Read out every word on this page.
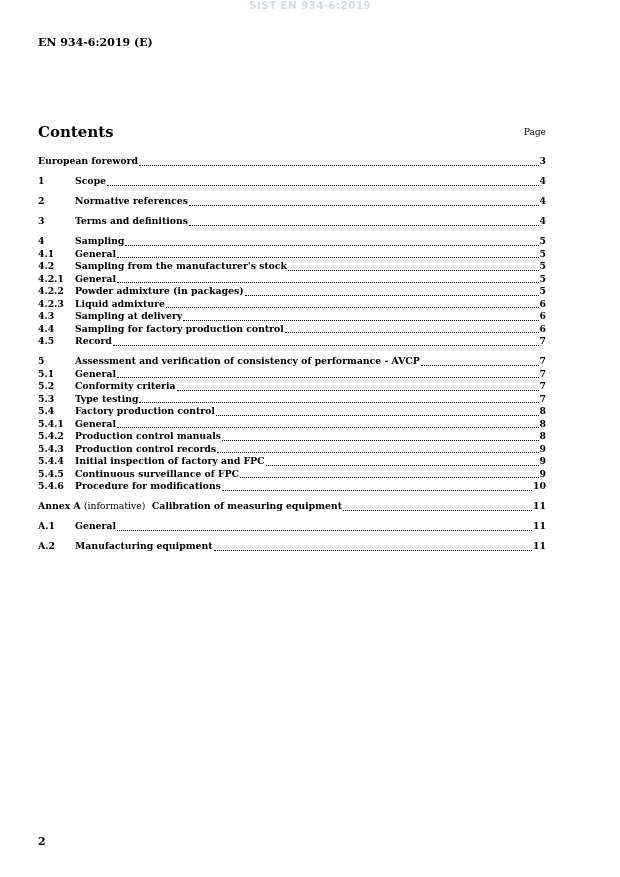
SIST EN 934-6:2019
EN 934-6:2019 (E)
Contents	Page
European foreword	3
1	Scope	4
2	Normative references	4
3	Terms and definitions	4
4	Sampling	5
4.1	General	5
4.2	Sampling from the manufacturer's stock	5
4.2.1	General	5
4.2.2	Powder admixture (in packages)	5
4.2.3	Liquid admixture	6
4.3	Sampling at delivery	6
4.4	Sampling for factory production control	6
4.5	Record	7
5	Assessment and verification of consistency of performance - AVCP	7
5.1	General	7
5.2	Conformity criteria	7
5.3	Type testing	7
5.4	Factory production control	8
5.4.1	General	8
5.4.2	Production control manuals	8
5.4.3	Production control records	9
5.4.4	Initial inspection of factory and FPC	9
5.4.5	Continuous surveillance of FPC	9
5.4.6	Procedure for modifications	10
Annex A (informative) Calibration of measuring equipment	11
A.1	General	11
A.2	Manufacturing equipment	11
2
